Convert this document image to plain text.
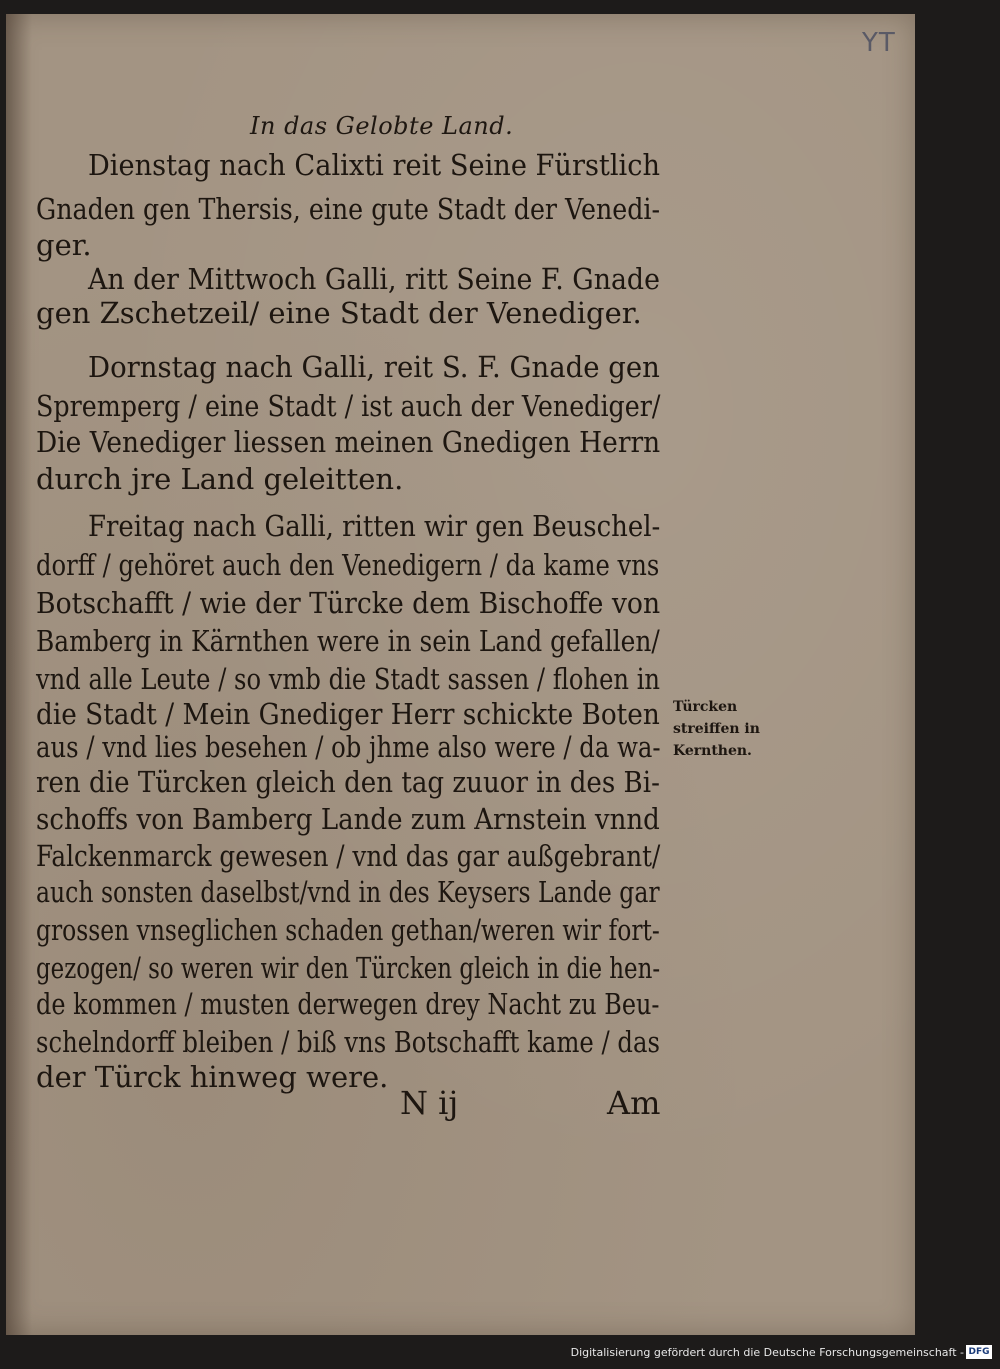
YT
In das Gelobte Land.
Dienstag nach Calixti reit Seine Fürstlich
Gnaden gen Thersis, eine gute Stadt der Venedi-
ger.
An der Mittwoch Galli, ritt Seine F. Gnade
gen Zschetzeil/ eine Stadt der Venediger.
Dornstag nach Galli, reit S. F. Gnade gen
Spremperg / eine Stadt / ist auch der Venediger/
Die Venediger liessen meinen Gnedigen Herrn
durch jre Land geleitten.
Freitag nach Galli, ritten wir gen Beuschel-
dorff / gehöret auch den Venedigern / da kame vns
Botschafft / wie der Türcke dem Bischoffe von
Bamberg in Kärnthen were in sein Land gefallen/
vnd alle Leute / so vmb die Stadt sassen / flohen in
die Stadt / Mein Gnediger Herr schickte Boten
aus / vnd lies besehen / ob jhme also were / da wa-
ren die Türcken gleich den tag zuuor in des Bi-
schoffs von Bamberg Lande zum Arnstein vnnd
Falckenmarck gewesen / vnd das gar außgebrant/
auch sonsten daselbst/vnd in des Keysers Lande gar
grossen vnseglichen schaden gethan/weren wir fort-
gezogen/ so weren wir den Türcken gleich in die hen-
de kommen / musten derwegen drey Nacht zu Beu-
schelndorff bleiben / biß vns Botschafft kame / das
der Türck hinweg were.
Türcken
streiffen in
Kernthen.
N ij	Am
Digitalisierung gefördert durch die Deutsche Forschungsgemeinschaft - DFG
